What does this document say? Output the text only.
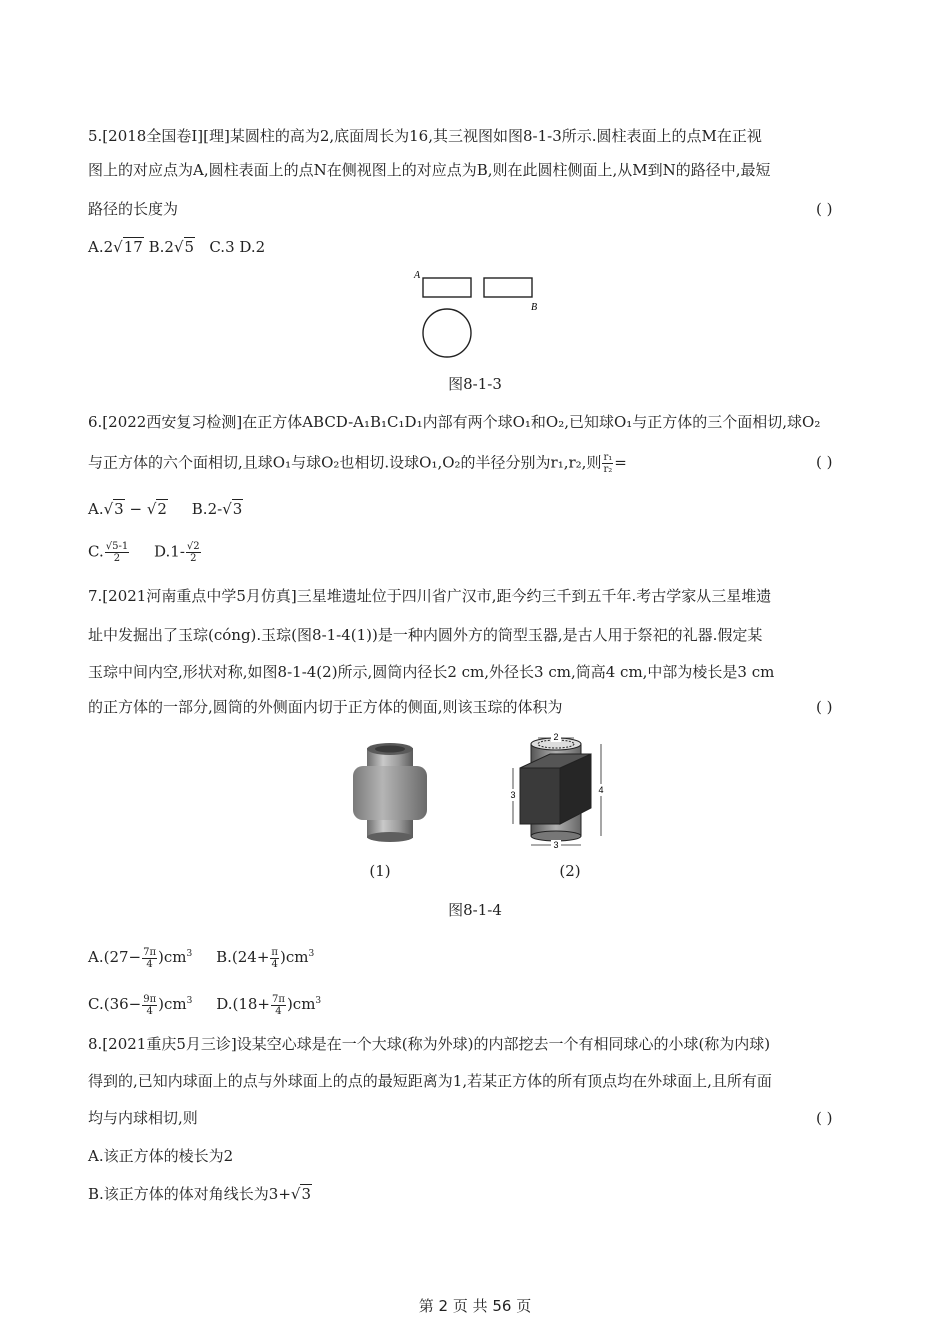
5.[2018全国卷Ⅰ][理]某圆柱的高为2,底面周长为16,其三视图如图8-1-3所示.圆柱表面上的点M在正视
图上的对应点为A,圆柱表面上的点N在侧视图上的对应点为B,则在此圆柱侧面上,从M到N的路径中,最短
路径的长度为	( )
A.2√17 B.2√5 C.3 D.2
A
B
图8-1-3
6.[2022西安复习检测]在正方体ABCD-A₁B₁C₁D₁内部有两个球O₁和O₂,已知球O₁与正方体的三个面相切,球O₂
与正方体的六个面相切,且球O₁与球O₂也相切.设球O₁,O₂的半径分别为r₁,r₂,则 $\frac{\text{r₁}}{\text{r₂}}$ =	( )
A.√3 − √2 B.2-√3
C. $\frac{√5-1}{2} D.1- \frac{√2}{2}$
7.[2021河南重点中学5月仿真]三星堆遗址位于四川省广汉市,距今约三千到五千年.考古学家从三星堆遗
址中发掘出了玉琮(cóng).玉琮(图8-1-4(1))是一种内圆外方的筒型玉器,是古人用于祭祀的礼器.假定某
玉琮中间内空,形状对称,如图8-1-4(2)所示,圆筒内径长2 cm,外径长3 cm,筒高4 cm,中部为棱长是3 cm
的正方体的一部分,圆筒的外侧面内切于正方体的侧面,则该玉琮的体积为	( )
2
3	4
3
(1)	(2)
图8-1-4
$A.(27- \frac{7\pi}{4} )cm^3$ $B.(24+ \frac{\pi}{4} )cm^3$
$C.(36- \frac{9\pi}{4} )cm^3$ $D.(18+ \frac{7\pi}{4} )cm^3$
8.[2021重庆5月三诊]设某空心球是在一个大球(称为外球)的内部挖去一个有相同球心的小球(称为内球)
得到的,已知内球面上的点与外球面上的点的最短距离为1,若某正方体的所有顶点均在外球面上,且所有面
均与内球相切,则	( )
A.该正方体的棱长为2
B.该正方体的体对角线长为3+√3
第 2 页 共 56 页
